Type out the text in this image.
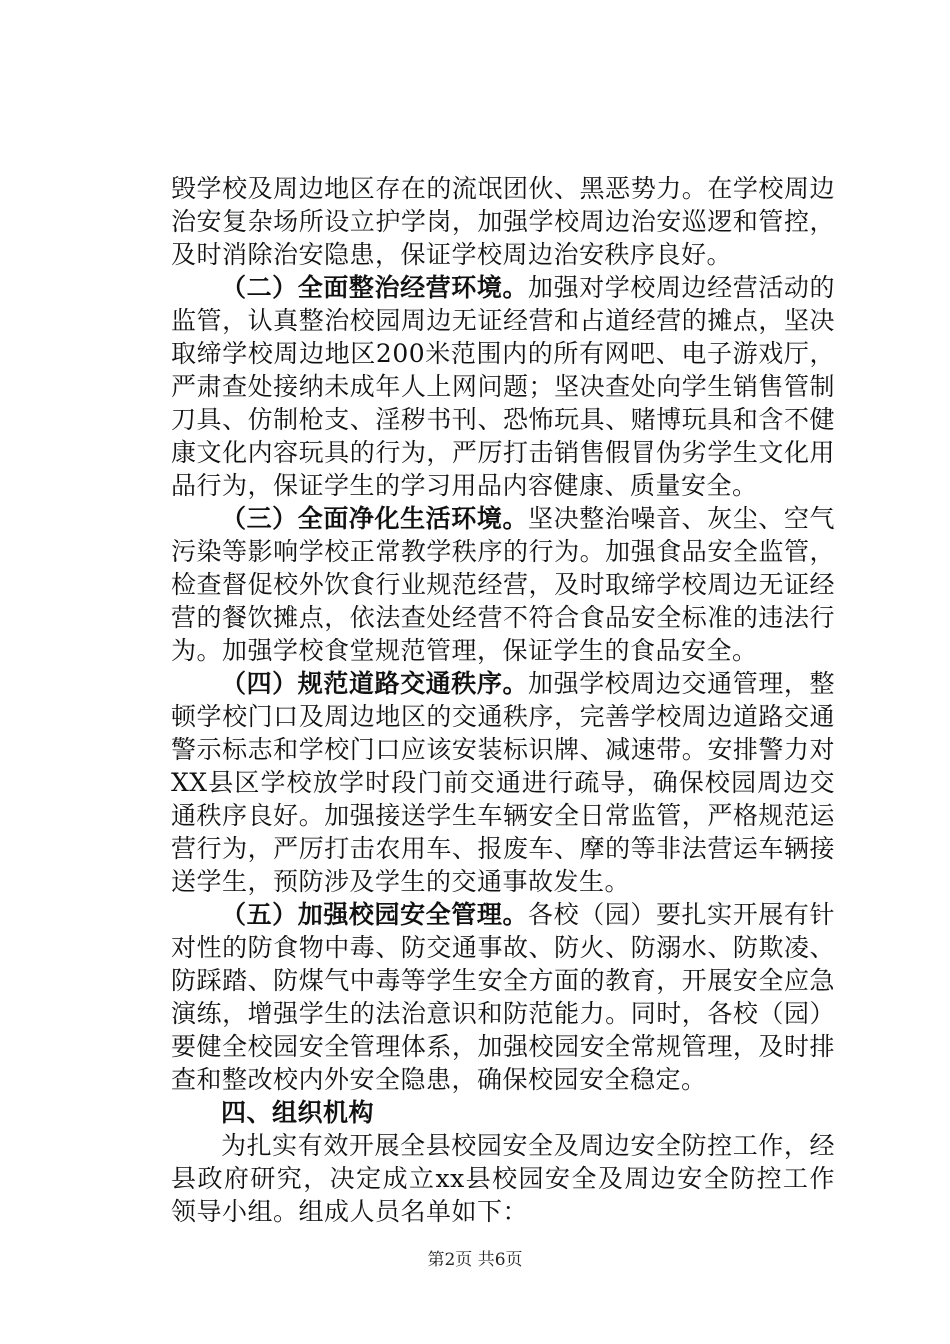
毁学校及周边地区存在的流氓团伙、黑恶势力。在学校周边治安复杂场所设立护学岗，加强学校周边治安巡逻和管控，及时消除治安隐患，保证学校周边治安秩序良好。

（二）全面整治经营环境。加强对学校周边经营活动的监管，认真整治校园周边无证经营和占道经营的摊点，坚决取缔学校周边地区200米范围内的所有网吧、电子游戏厅，严肃查处接纳未成年人上网问题；坚决查处向学生销售管制刀具、仿制枪支、淫秽书刊、恐怖玩具、赌博玩具和含不健康文化内容玩具的行为，严厉打击销售假冒伪劣学生文化用品行为，保证学生的学习用品内容健康、质量安全。

（三）全面净化生活环境。坚决整治噪音、灰尘、空气污染等影响学校正常教学秩序的行为。加强食品安全监管，检查督促校外饮食行业规范经营，及时取缔学校周边无证经营的餐饮摊点，依法查处经营不符合食品安全标准的违法行为。加强学校食堂规范管理，保证学生的食品安全。

（四）规范道路交通秩序。加强学校周边交通管理，整顿学校门口及周边地区的交通秩序，完善学校周边道路交通警示标志和学校门口应该安装标识牌、减速带。安排警力对XX县区学校放学时段门前交通进行疏导，确保校园周边交通秩序良好。加强接送学生车辆安全日常监管，严格规范运营行为，严厉打击农用车、报废车、摩的等非法营运车辆接送学生，预防涉及学生的交通事故发生。

（五）加强校园安全管理。各校（园）要扎实开展有针对性的防食物中毒、防交通事故、防火、防溺水、防欺凌、防踩踏、防煤气中毒等学生安全方面的教育，开展安全应急演练，增强学生的法治意识和防范能力。同时，各校（园）要健全校园安全管理体系，加强校园安全常规管理，及时排查和整改校内外安全隐患，确保校园安全稳定。

四、组织机构

为扎实有效开展全县校园安全及周边安全防控工作，经县政府研究，决定成立xx县校园安全及周边安全防控工作领导小组。组成人员名单如下：

第2页 共6页
